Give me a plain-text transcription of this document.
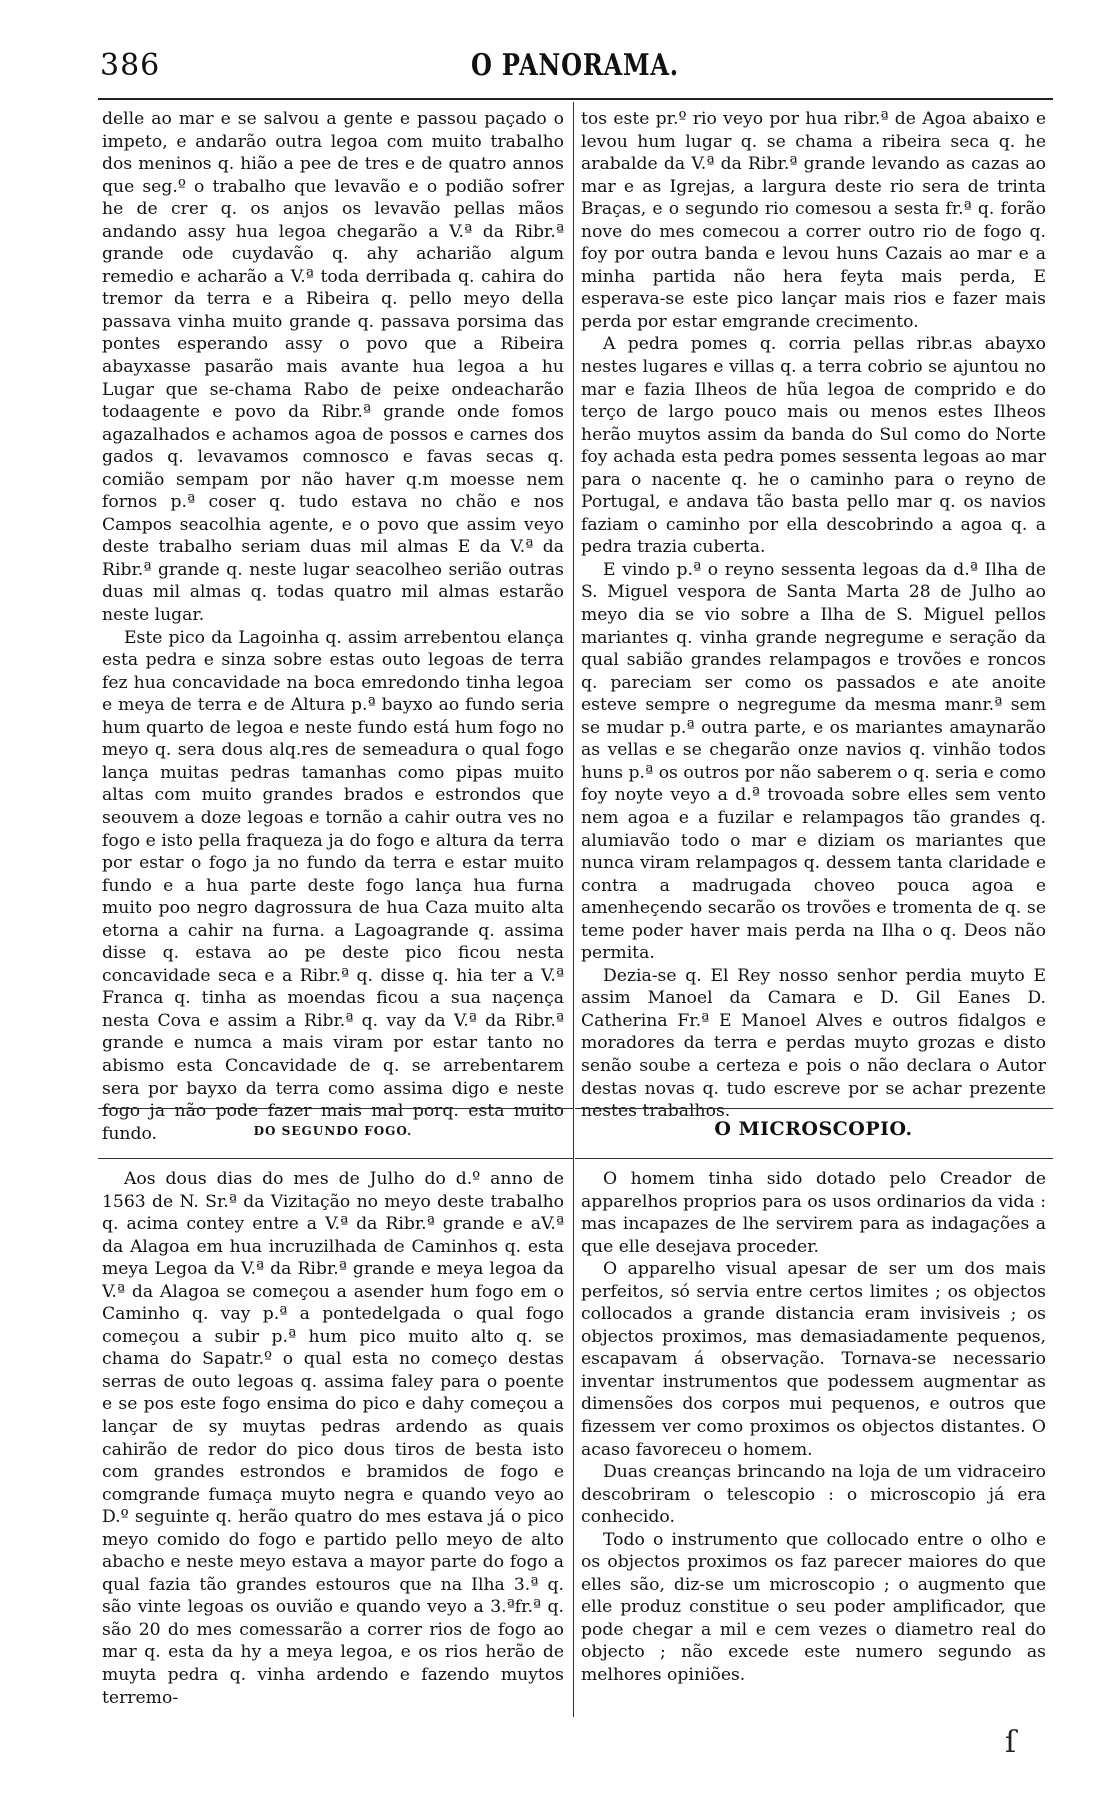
386	O PANORAMA.

delle ao mar e se salvou a gente e passou paçado o impeto, e andarão outra legoa com muito trabalho dos meninos q. hião a pee de tres e de quatro annos que seg.º o trabalho que levavão e o podião sofrer he de crer q. os anjos os levavão pellas mãos andando assy hua legoa chegarão a V.ª da Ribr.ª grande ode cuydavão q. ahy acharião algum remedio e acharão a V.ª toda derribada q. cahira do tremor da terra e a Ribeira q. pello meyo della passava vinha muito grande q. passava porsima das pontes esperando assy o povo que a Ribeira abayxasse pasarão mais avante hua legoa a hu Lugar que se-chama Rabo de peixe ondeacharão todaagente e povo da Ribr.ª grande onde fomos agazalhados e achamos agoa de possos e carnes dos gados q. levavamos comnosco e favas secas q. comião sempam por não haver q.m moesse nem fornos p.ª coser q. tudo estava no chão e nos Campos seacolhia agente, e o povo que assim veyo deste trabalho seriam duas mil almas E da V.ª da Ribr.ª grande q. neste lugar seacolheo serião outras duas mil almas q. todas quatro mil almas estarão neste lugar.

Este pico da Lagoinha q. assim arrebentou elança esta pedra e sinza sobre estas outo legoas de terra fez hua concavidade na boca emredondo tinha legoa e meya de terra e de Altura p.ª bayxo ao fundo seria hum quarto de legoa e neste fundo está hum fogo no meyo q. sera dous alq.res de semeadura o qual fogo lança muitas pedras tamanhas como pipas muito altas com muito grandes brados e estrondos que seouvem a doze legoas e tornão a cahir outra ves no fogo e isto pella fraqueza ja do fogo e altura da terra por estar o fogo ja no fundo da terra e estar muito fundo e a hua parte deste fogo lança hua furna muito poo negro dagrossura de hua Caza muito alta etorna a cahir na furna. a Lagoagrande q. assima disse q. estava ao pe deste pico ficou nesta concavidade seca e a Ribr.ª q. disse q. hia ter a V.ª Franca q. tinha as moendas ficou a sua naçença nesta Cova e assim a Ribr.ª q. vay da V.ª da Ribr.ª grande e numca a mais viram por estar tanto no abismo esta Concavidade de q. se arrebentarem sera por bayxo da terra como assima digo e neste fogo ja não pode fazer mais mal porq. esta muito fundo.

tos este pr.º rio veyo por hua ribr.ª de Agoa abaixo e levou hum lugar q. se chama a ribeira seca q. he arabalde da V.ª da Ribr.ª grande levando as cazas ao mar e as Igrejas, a largura deste rio sera de trinta Braças, e o segundo rio comesou a sesta fr.ª q. forão nove do mes comecou a correr outro rio de fogo q. foy por outra banda e levou huns Cazais ao mar e a minha partida não hera feyta mais perda, E esperava-se este pico lançar mais rios e fazer mais perda por estar emgrande crecimento.

A pedra pomes q. corria pellas ribr.as abayxo nestes lugares e villas q. a terra cobrio se ajuntou no mar e fazia Ilheos de hũa legoa de comprido e do terço de largo pouco mais ou menos estes Ilheos herão muytos assim da banda do Sul como do Norte foy achada esta pedra pomes sessenta legoas ao mar para o nacente q. he o caminho para o reyno de Portugal, e andava tão basta pello mar q. os navios faziam o caminho por ella descobrindo a agoa q. a pedra trazia cuberta.

E vindo p.ª o reyno sessenta legoas da d.ª Ilha de S. Miguel vespora de Santa Marta 28 de Julho ao meyo dia se vio sobre a Ilha de S. Miguel pellos mariantes q. vinha grande negregume e seração da qual sabião grandes relampagos e trovões e roncos q. pareciam ser como os passados e ate anoite esteve sempre o negregume da mesma manr.ª sem se mudar p.ª outra parte, e os mariantes amaynarão as vellas e se chegarão onze navios q. vinhão todos huns p.ª os outros por não saberem o q. seria e como foy noyte veyo a d.ª trovoada sobre elles sem vento nem agoa e a fuzilar e relampagos tão grandes q. alumiavão todo o mar e diziam os mariantes que nunca viram relampagos q. dessem tanta claridade e contra a madrugada choveo pouca agoa e amenheçendo secarão os trovões e tromenta de q. se teme poder haver mais perda na Ilha o q. Deos não permita.

Dezia-se q. El Rey nosso senhor perdia muyto E assim Manoel da Camara e D. Gil Eanes D. Catherina Fr.ª E Manoel Alves e outros fidalgos e moradores da terra e perdas muyto grozas e disto senão soube a certeza e pois o não declara o Autor destas novas q. tudo escreve por se achar prezente nestes trabalhos.

DO SEGUNDO FOGO.	O MICROSCOPIO.

Aos dous dias do mes de Julho do d.º anno de 1563 de N. Sr.ª da Vizitação no meyo deste trabalho q. acima contey entre a V.ª da Ribr.ª grande e aV.ª da Alagoa em hua incruzilhada de Caminhos q. esta meya Legoa da V.ª da Ribr.ª grande e meya legoa da V.ª da Alagoa se começou a asender hum fogo em o Caminho q. vay p.ª a pontedelgada o qual fogo começou a subir p.ª hum pico muito alto q. se chama do Sapatr.º o qual esta no começo destas serras de outo legoas q. assima faley para o poente e se pos este fogo ensima do pico e dahy começou a lançar de sy muytas pedras ardendo as quais cahirão de redor do pico dous tiros de besta isto com grandes estrondos e bramidos de fogo e comgrande fumaça muyto negra e quando veyo ao D.º seguinte q. herão quatro do mes estava já o pico meyo comido do fogo e partido pello meyo de alto abacho e neste meyo estava a mayor parte do fogo a qual fazia tão grandes estouros que na Ilha 3.ª q. são vinte legoas os ouvião e quando veyo a 3.ªfr.ª q. são 20 do mes comessarão a correr rios de fogo ao mar q. esta da hy a meya legoa, e os rios herão de muyta pedra q. vinha ardendo e fazendo muytos terremo-

O homem tinha sido dotado pelo Creador de apparelhos proprios para os usos ordinarios da vida : mas incapazes de lhe servirem para as indagações a que elle desejava proceder.

O apparelho visual apesar de ser um dos mais perfeitos, só servia entre certos limites ; os objectos collocados a grande distancia eram invisiveis ; os objectos proximos, mas demasiadamente pequenos, escapavam á observação. Tornava-se necessario inventar instrumentos que podessem augmentar as dimensões dos corpos mui pequenos, e outros que fizessem ver como proximos os objectos distantes. O acaso favoreceu o homem.

Duas creanças brincando na loja de um vidraceiro descobriram o telescopio : o microscopio já era conhecido.

Todo o instrumento que collocado entre o olho e os objectos proximos os faz parecer maiores do que elles são, diz-se um microscopio ; o augmento que elle produz constitue o seu poder amplificador, que pode chegar a mil e cem vezes o diametro real do objecto ; não excede este numero segundo as melhores opiniões.

ſ
